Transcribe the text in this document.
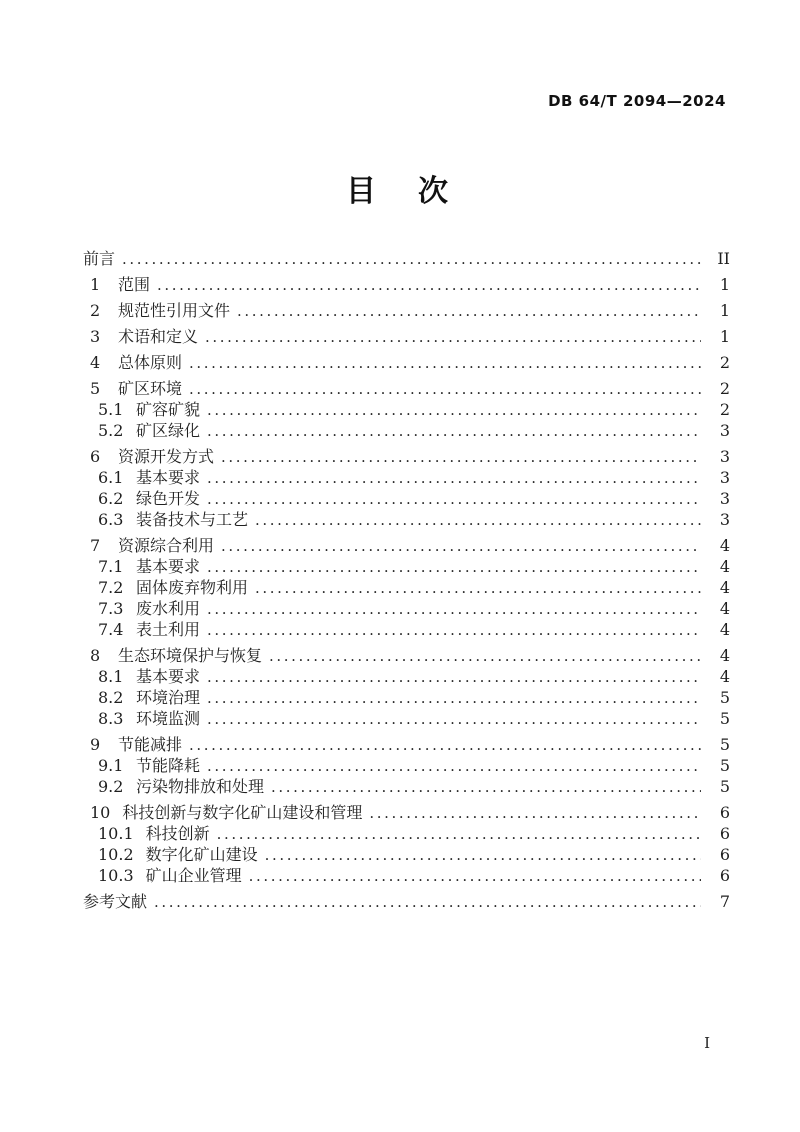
DB 64/T 2094—2024
目　次
前言 .....	II
1	范围 .....	1
2	规范性引用文件 .....	1
3	术语和定义 .....	1
4	总体原则 .....	2
5	矿区环境 .....	2
5.1 矿容矿貌 .....	2
5.2 矿区绿化 .....	3
6	资源开发方式 .....	3
6.1 基本要求 .....	3
6.2 绿色开发 .....	3
6.3 装备技术与工艺 .....	3
7	资源综合利用 .....	4
7.1 基本要求 .....	4
7.2 固体废弃物利用 .....	4
7.3 废水利用 .....	4
7.4 表土利用 .....	4
8	生态环境保护与恢复 .....	4
8.1 基本要求 .....	4
8.2 环境治理 .....	5
8.3 环境监测 .....	5
9	节能减排 .....	5
9.1 节能降耗 .....	5
9.2 污染物排放和处理 .....	5
10 科技创新与数字化矿山建设和管理 .....	6
10.1 科技创新 .....	6
10.2 数字化矿山建设 .....	6
10.3 矿山企业管理 .....	6
参考文献 .....	7
I
